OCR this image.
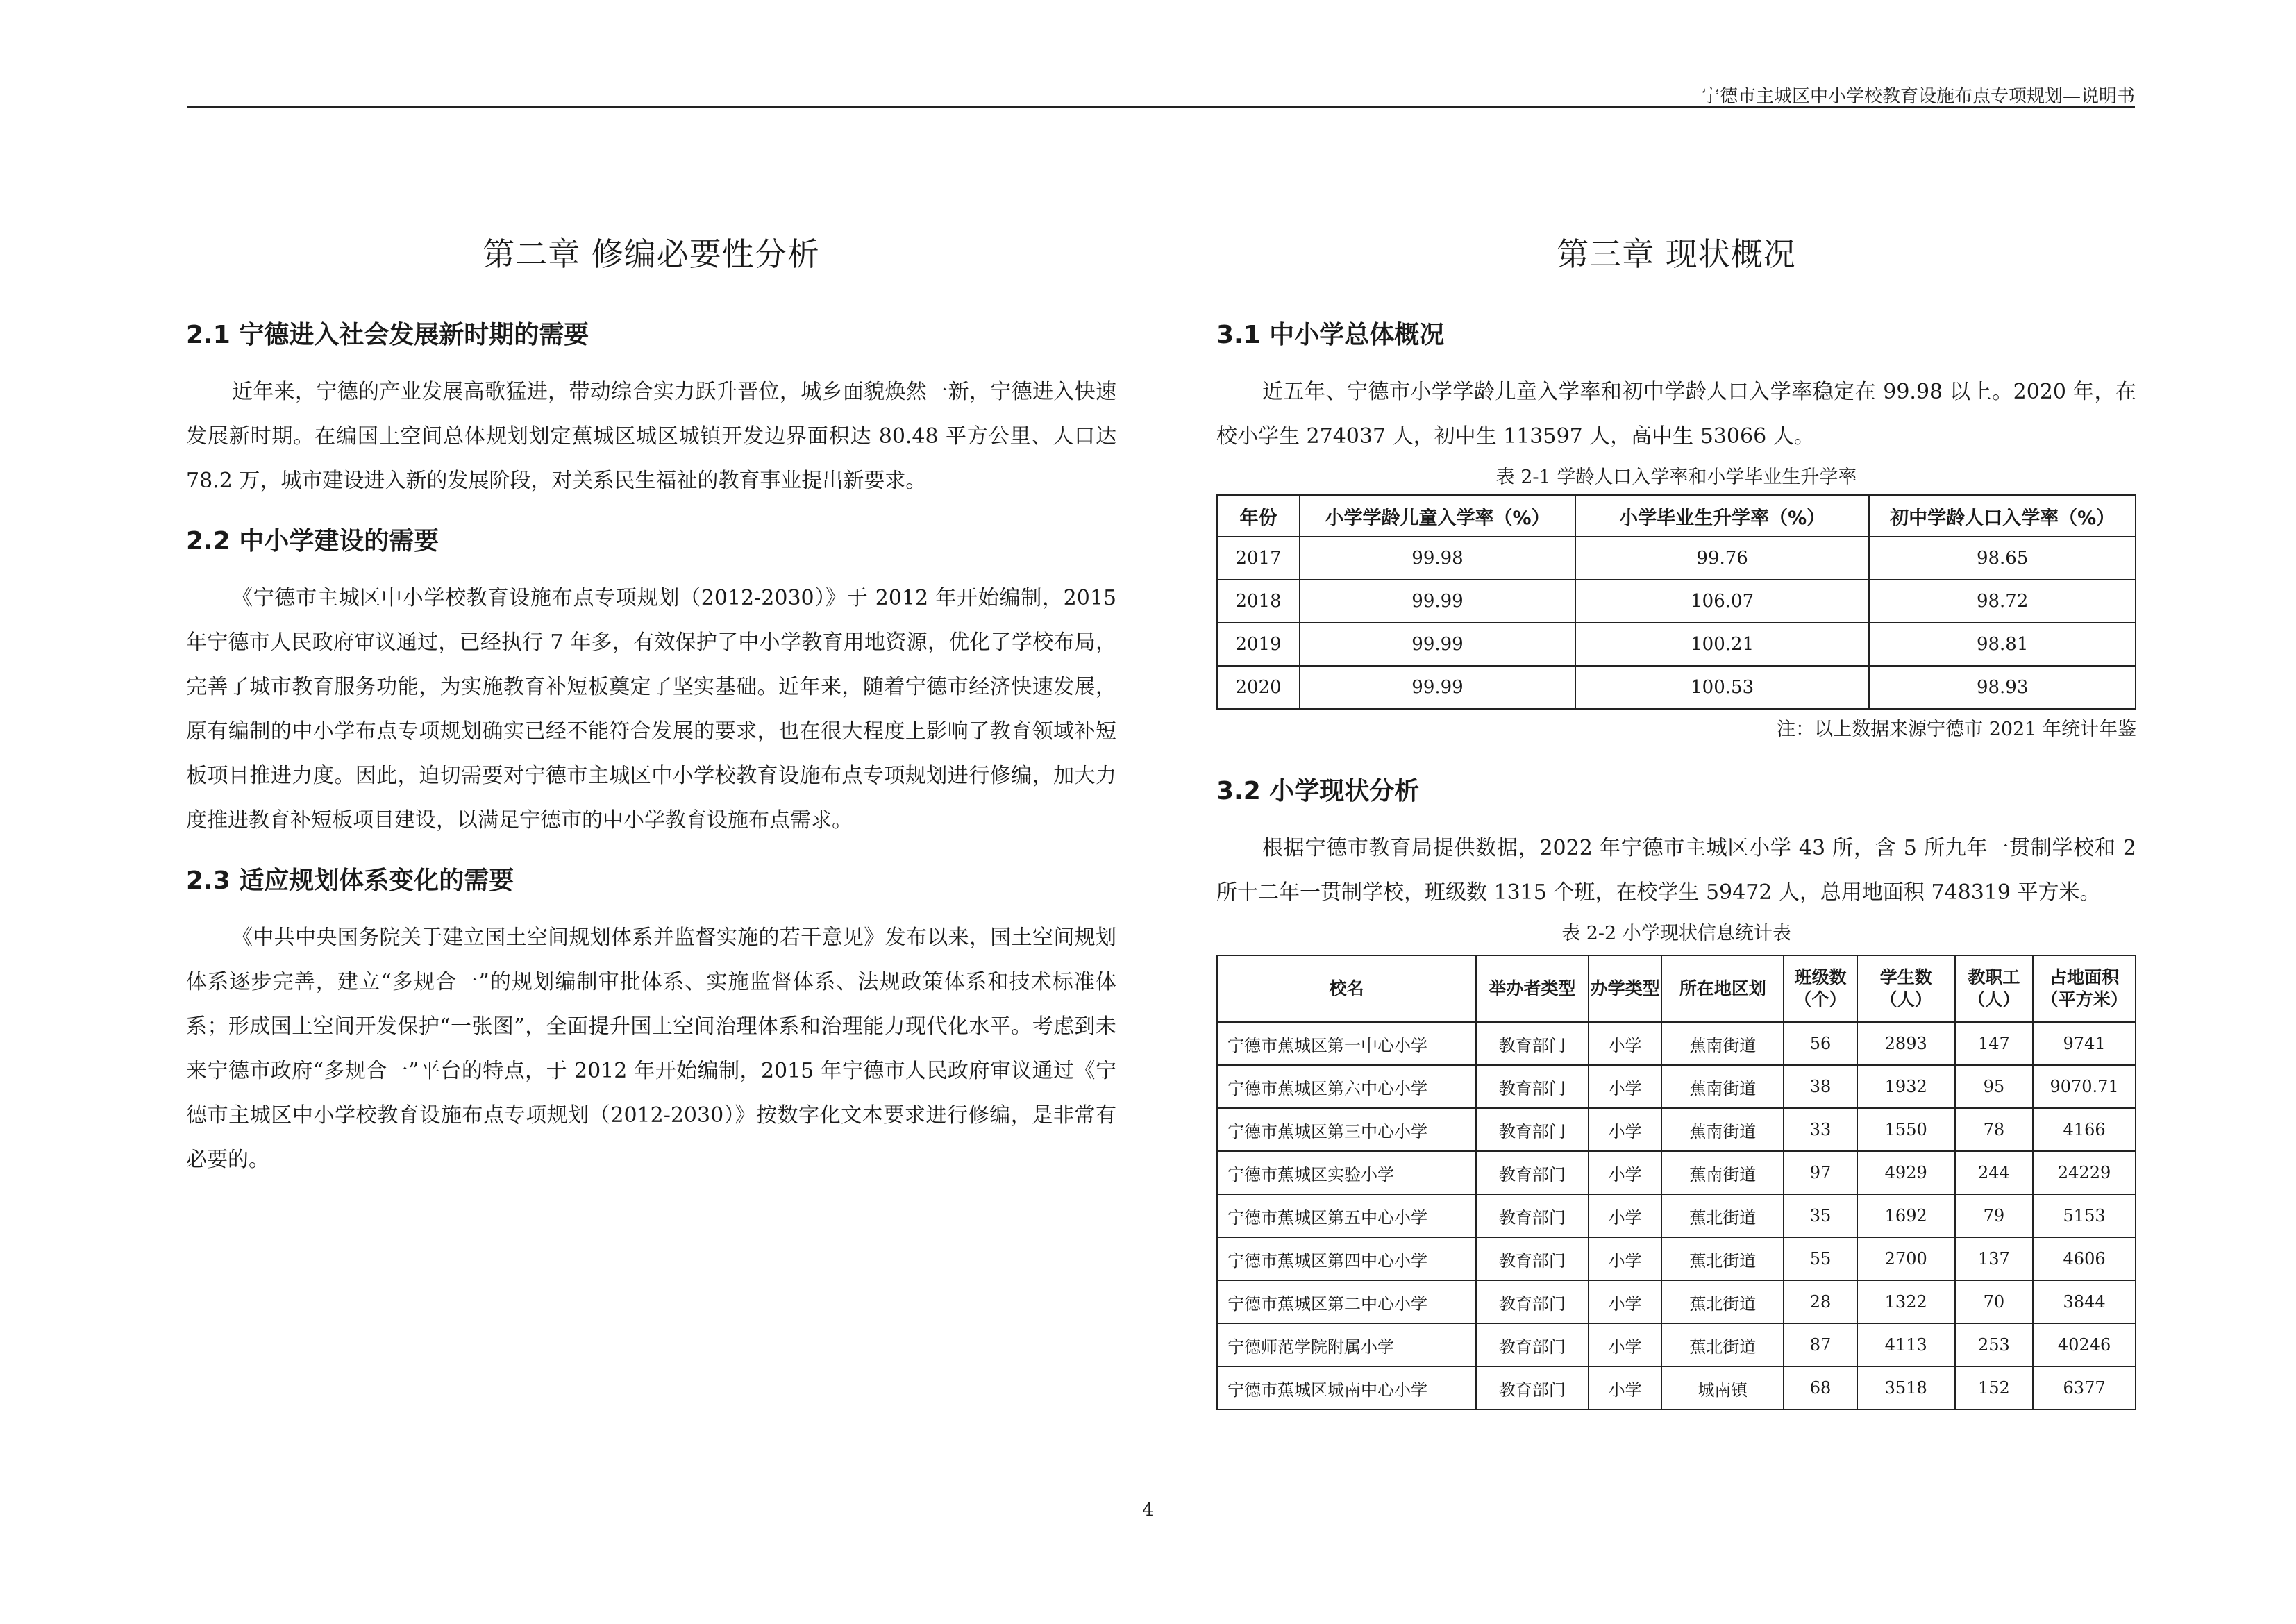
宁德市主城区中小学校教育设施布点专项规划—说明书
第二章 修编必要性分析
2.1 宁德进入社会发展新时期的需要

近年来，宁德的产业发展高歌猛进，带动综合实力跃升晋位，城乡面貌焕然一新，宁德进入快速发展新时期。在编国土空间总体规划划定蕉城区城区城镇开发边界面积达 80.48 平方公里、人口达 78.2 万，城市建设进入新的发展阶段，对关系民生福祉的教育事业提出新要求。

2.2 中小学建设的需要

《宁德市主城区中小学校教育设施布点专项规划（2012-2030）》于 2012 年开始编制，2015 年宁德市人民政府审议通过，已经执行 7 年多，有效保护了中小学教育用地资源，优化了学校布局，完善了城市教育服务功能，为实施教育补短板奠定了坚实基础。近年来，随着宁德市经济快速发展，原有编制的中小学布点专项规划确实已经不能符合发展的要求，也在很大程度上影响了教育领域补短板项目推进力度。因此，迫切需要对宁德市主城区中小学校教育设施布点专项规划进行修编，加大力度推进教育补短板项目建设，以满足宁德市的中小学教育设施布点需求。

2.3 适应规划体系变化的需要

《中共中央国务院关于建立国土空间规划体系并监督实施的若干意见》发布以来，国土空间规划体系逐步完善，建立“多规合一”的规划编制审批体系、实施监督体系、法规政策体系和技术标准体系；形成国土空间开发保护“一张图”，全面提升国土空间治理体系和治理能力现代化水平。考虑到未来宁德市政府“多规合一”平台的特点，于 2012 年开始编制，2015 年宁德市人民政府审议通过《宁德市主城区中小学校教育设施布点专项规划（2012-2030）》按数字化文本要求进行修编，是非常有必要的。

第三章 现状概况
3.1 中小学总体概况

近五年、宁德市小学学龄儿童入学率和初中学龄人口入学率稳定在 99.98 以上。2020 年，在校小学生 274037 人，初中生 113597 人，高中生 53066 人。

表 2-1 学龄人口入学率和小学毕业生升学率
年份	小学学龄儿童入学率（%）	小学毕业生升学率（%）	初中学龄人口入学率（%）
2017	99.98	99.76	98.65
2018	99.99	106.07	98.72
2019	99.99	100.21	98.81
2020	99.99	100.53	98.93
注：以上数据来源宁德市 2021 年统计年鉴
3.2 小学现状分析

根据宁德市教育局提供数据，2022 年宁德市主城区小学 43 所，含 5 所九年一贯制学校和 2 所十二年一贯制学校，班级数 1315 个班，在校学生 59472 人，总用地面积 748319 平方米。

表 2-2 小学现状信息统计表
校名	举办者类型	办学类型	所在地区划	班级数（个）	学生数（人）	教职工（人）	占地面积（平方米）
宁德市蕉城区第一中心小学	教育部门	小学	蕉南街道	56	2893	147	9741
宁德市蕉城区第六中心小学	教育部门	小学	蕉南街道	38	1932	95	9070.71
宁德市蕉城区第三中心小学	教育部门	小学	蕉南街道	33	1550	78	4166
宁德市蕉城区实验小学	教育部门	小学	蕉南街道	97	4929	244	24229
宁德市蕉城区第五中心小学	教育部门	小学	蕉北街道	35	1692	79	5153
宁德市蕉城区第四中心小学	教育部门	小学	蕉北街道	55	2700	137	4606
宁德市蕉城区第二中心小学	教育部门	小学	蕉北街道	28	1322	70	3844
宁德师范学院附属小学	教育部门	小学	蕉北街道	87	4113	253	40246
宁德市蕉城区城南中心小学	教育部门	小学	城南镇	68	3518	152	6377
4
